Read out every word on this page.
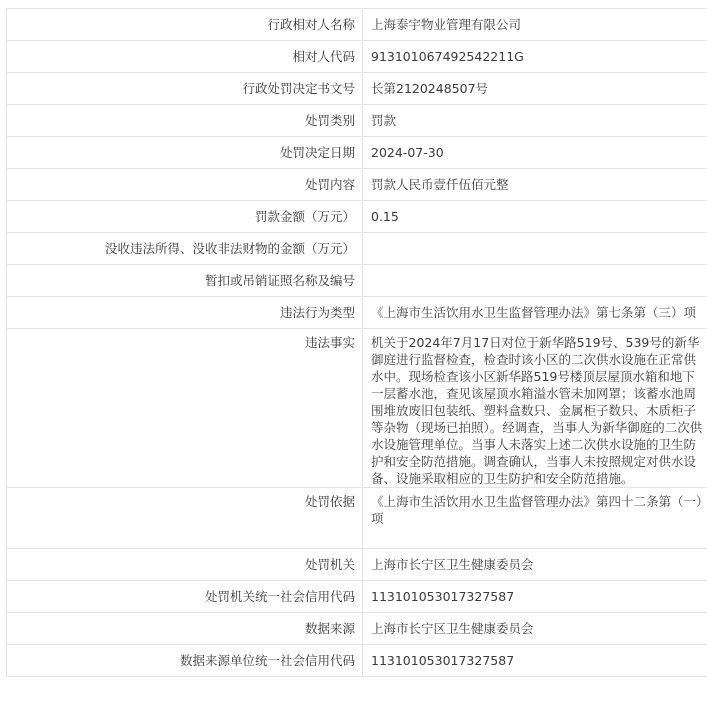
行政相对人名称	上海泰宇物业管理有限公司
相对人代码	913101067492542211G
行政处罚决定书文号	长第2120248507号
处罚类别	罚款
处罚决定日期	2024-07-30
处罚内容	罚款人民币壹仟伍佰元整
罚款金额（万元）	0.15
没收违法所得、没收非法财物的金额（万元）	
暂扣或吊销证照名称及编号	
违法行为类型	《上海市生活饮用水卫生监督管理办法》第七条第（三）项
违法事实	机关于2024年7月17日对位于新华路519号、539号的新华御庭进行监督检查，检查时该小区的二次供水设施在正常供水中。现场检查该小区新华路519号楼顶层屋顶水箱和地下一层蓄水池，查见该屋顶水箱溢水管未加网罩；该蓄水池周围堆放废旧包装纸、塑料盒数只、金属柜子数只、木质柜子等杂物（现场已拍照）。经调查，当事人为新华御庭的二次供水设施管理单位。当事人未落实上述二次供水设施的卫生防护和安全防范措施。调查确认，当事人未按照规定对供水设备、设施采取相应的卫生防护和安全防范措施。
处罚依据	《上海市生活饮用水卫生监督管理办法》第四十二条第（一）项
处罚机关	上海市长宁区卫生健康委员会
处罚机关统一社会信用代码	113101053017327587
数据来源	上海市长宁区卫生健康委员会
数据来源单位统一社会信用代码	113101053017327587
